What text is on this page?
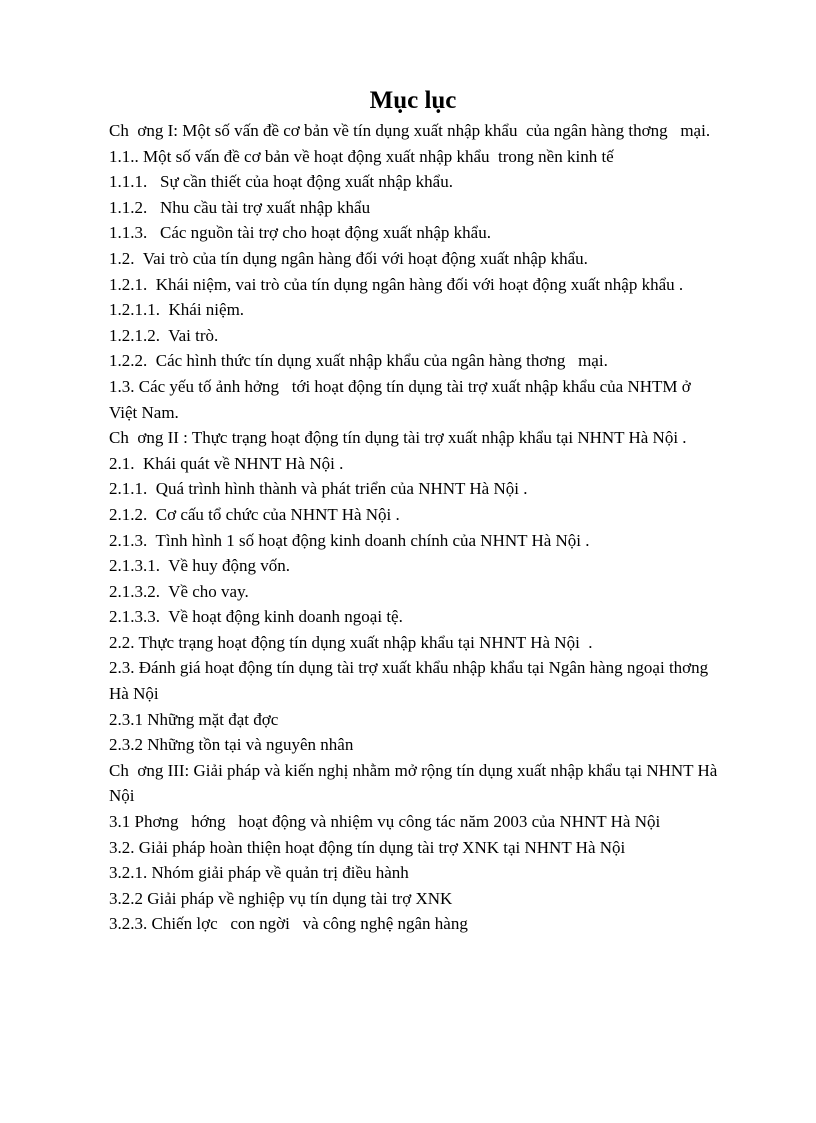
Mục lục
Ch  ơng I: Một số vấn đề cơ bản về tín dụng xuất nhập khẩu  của ngân hàng thơng   mại.
1.1.. Một số vấn đề cơ bản về hoạt động xuất nhập khẩu  trong nền kinh tế
1.1.1.   Sự cần thiết của hoạt động xuất nhập khẩu.
1.1.2.   Nhu cầu tài trợ xuất nhập khẩu
1.1.3.   Các nguồn tài trợ cho hoạt động xuất nhập khẩu.
1.2.  Vai trò của tín dụng ngân hàng đối với hoạt động xuất nhập khẩu.
1.2.1.  Khái niệm, vai trò của tín dụng ngân hàng đối với hoạt động xuất nhập khẩu .
1.2.1.1.  Khái niệm.
1.2.1.2.  Vai trò.
1.2.2.  Các hình thức tín dụng xuất nhập khẩu của ngân hàng thơng   mại.
1.3. Các yếu tố ảnh hởng   tới hoạt động tín dụng tài trợ xuất nhập khẩu của NHTM ở Việt Nam.
Ch  ơng II : Thực trạng hoạt động tín dụng tài trợ xuất nhập khẩu tại NHNT Hà Nội .
2.1.  Khái quát về NHNT Hà Nội .
2.1.1.  Quá trình hình thành và phát triển của NHNT Hà Nội .
2.1.2.  Cơ cấu tổ chức của NHNT Hà Nội .
2.1.3.  Tình hình 1 số hoạt động kinh doanh chính của NHNT Hà Nội .
2.1.3.1.  Về huy động vốn.
2.1.3.2.  Về cho vay.
2.1.3.3.  Về hoạt động kinh doanh ngoại tệ.
2.2. Thực trạng hoạt động tín dụng xuất nhập khẩu tại NHNT Hà Nội  .
2.3. Đánh giá hoạt động tín dụng tài trợ xuất khẩu nhập khẩu tại Ngân hàng ngoại thơng   Hà Nội
2.3.1 Những mặt đạt đợc
2.3.2 Những tồn tại và nguyên nhân
Ch  ơng III: Giải pháp và kiến nghị nhằm mở rộng tín dụng xuất nhập khẩu tại NHNT Hà Nội
3.1 Phơng   hớng   hoạt động và nhiệm vụ công tác năm 2003 của NHNT Hà Nội
3.2. Giải pháp hoàn thiện hoạt động tín dụng tài trợ XNK tại NHNT Hà Nội
3.2.1. Nhóm giải pháp về quản trị điều hành
3.2.2 Giải pháp về nghiệp vụ tín dụng tài trợ XNK
3.2.3. Chiến lợc   con ngời   và công nghệ ngân hàng
